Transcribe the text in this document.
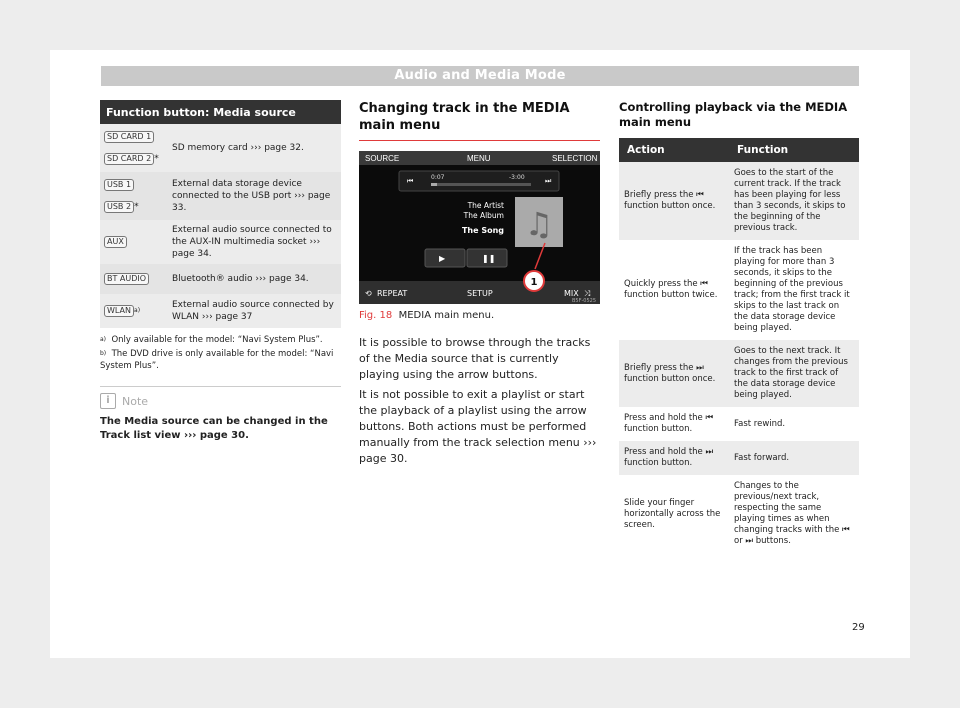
Audio and Media Mode
Function button: Media source	

SD CARD 1
SD CARD 2 *	SD memory card ››› page 32.

USB 1
USB 2 *	External data storage device connected to the USB port ››› page 33.
AUX	External audio source connected to the AUX-IN multimedia socket ››› page 34.
BT AUDIO	Bluetooth® audio ››› page 34.
WLAN $^{a)}$	External audio source connected by WLAN ››› page 37
$^{a)}$ Only available for the model: “Navi System Plus”.
$^{b)}$ The DVD drive is only available for the model: “Navi System Plus”.
i	Note
The Media source can be changed in the Track list view ››› page 30.
Changing track in the MEDIA main menu
SOURCE	MENU	SELECTION
⏮	⏭
0:07	-3:00
The Artist
The Album
The Song ♫
▶	❚❚
⟲ REPEAT	SETUP	MIX ⤨
1
B5F-0525
Fig. 18 MEDIA main menu.

It is possible to browse through the tracks of the Media source that is currently playing using the arrow buttons.

It is not possible to exit a playlist or start the playback of a playlist using the arrow buttons. Both actions must be performed manually from the track selection menu ››› page 30.

Controlling playback via the MEDIA main menu
Action	Function
Briefly press the ⏮ function button once.	Goes to the start of the current track. If the track has been playing for less than 3 seconds, it skips to the beginning of the previous track.
Quickly press the ⏮ function button twice.	If the track has been playing for more than 3 seconds, it skips to the beginning of the previous track; from the first track it skips to the last track on the data storage device being played.
Briefly press the ⏭ function button once.	Goes to the next track. It changes from the previous track to the first track of the data storage device being played.
Press and hold the ⏮ function button.	Fast rewind.
Press and hold the ⏭ function button.	Fast forward.
Slide your finger horizontally across the screen.	Changes to the previous/next track, respecting the same playing times as when changing tracks with the ⏮ or ⏭ buttons.
29
